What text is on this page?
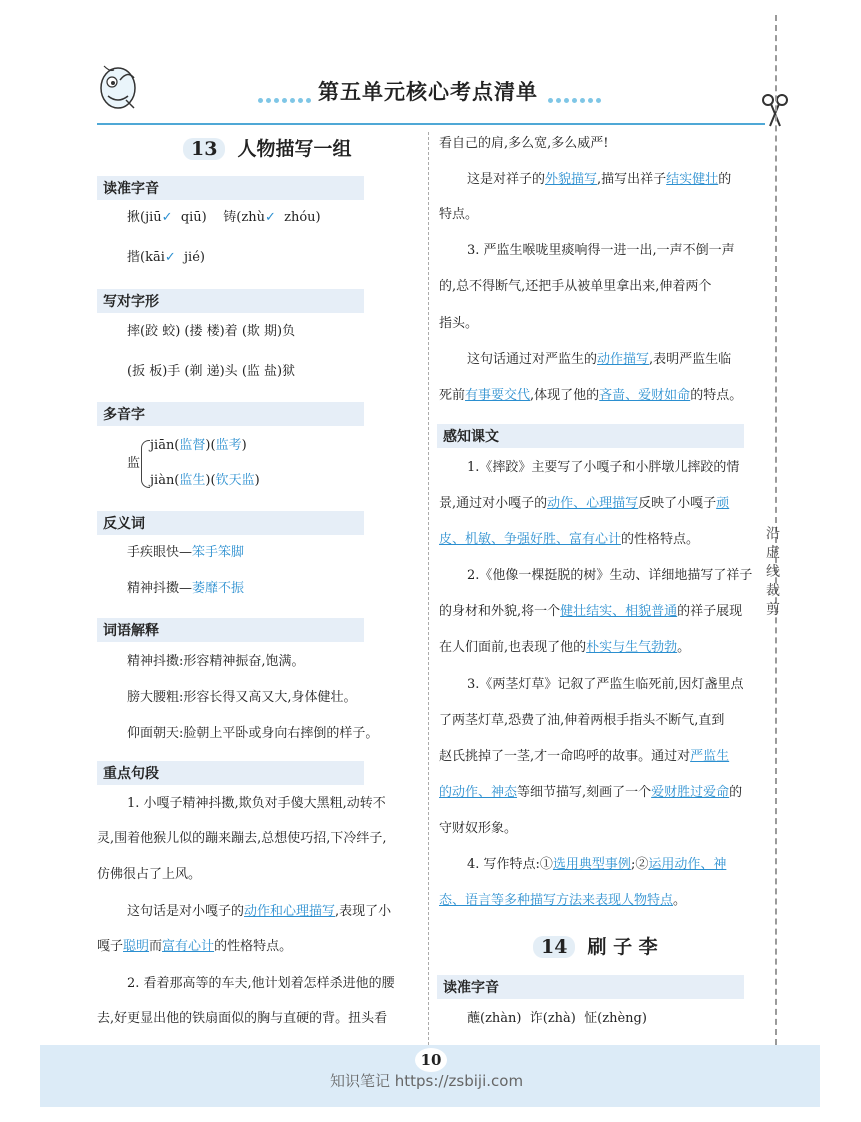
第五单元核心考点清单
沿虚线裁剪
13 人物描写一组
读准字音
揪(jiū✓ qiū) 铸(zhù✓ zhóu)
揩(kāi✓ jié)
写对字形
摔(跤 蛟) (搂 楼)着 (欺 期)负
(扳 板)手 (剃 递)头 (监 盐)狱
多音字
监
jiān(监督)(监考)
jiàn(监生)(钦天监)
反义词
手疾眼快—笨手笨脚
精神抖擞—萎靡不振
词语解释
精神抖擞:形容精神振奋,饱满。
膀大腰粗:形容长得又高又大,身体健壮。
仰面朝天:脸朝上平卧或身向右摔倒的样子。
重点句段
1. 小嘎子精神抖擞,欺负对手傻大黑粗,动转不
灵,围着他猴儿似的蹦来蹦去,总想使巧招,下冷绊子,
仿佛很占了上风。
这句话是对小嘎子的动作和心理描写,表现了小
嘎子聪明而富有心计的性格特点。
2. 看着那高等的车夫,他计划着怎样杀进他的腰
去,好更显出他的铁扇面似的胸与直硬的背。扭头看
看自己的肩,多么宽,多么威严!
这是对祥子的外貌描写,描写出祥子结实健壮的
特点。
3. 严监生喉咙里痰响得一进一出,一声不倒一声
的,总不得断气,还把手从被单里拿出来,伸着两个
指头。
这句话通过对严监生的动作描写,表明严监生临
死前有事要交代,体现了他的吝啬、爱财如命的特点。
感知课文
1.《摔跤》主要写了小嘎子和小胖墩儿摔跤的情
景,通过对小嘎子的动作、心理描写反映了小嘎子顽
皮、机敏、争强好胜、富有心计的性格特点。
2.《他像一棵挺脱的树》生动、详细地描写了祥子
的身材和外貌,将一个健壮结实、相貌普通的祥子展现
在人们面前,也表现了他的朴实与生气勃勃。
3.《两茎灯草》记叙了严监生临死前,因灯盏里点
了两茎灯草,恐费了油,伸着两根手指头不断气,直到
赵氏挑掉了一茎,才一命呜呼的故事。通过对严监生
的动作、神态等细节描写,刻画了一个爱财胜过爱命的
守财奴形象。
4. 写作特点:①选用典型事例;②运用动作、神
态、语言等多种描写方法来表现人物特点。
14 刷 子 李
读准字音
蘸(zhàn) 诈(zhà) 怔(zhèng)
10
知识笔记 https://zsbiji.com
